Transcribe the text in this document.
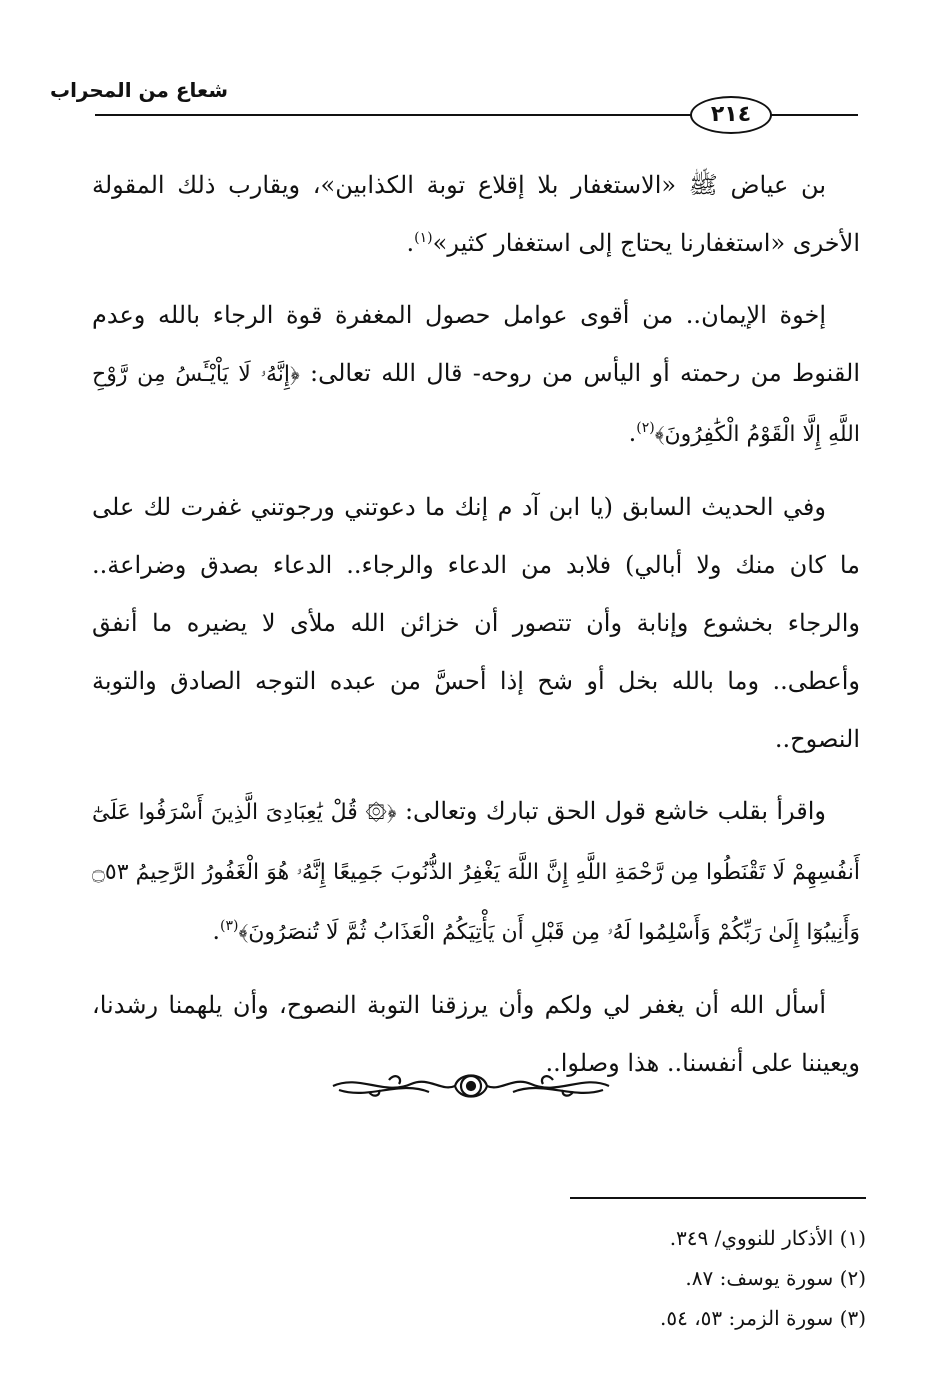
شعاع من المحراب
٢١٤

بن عياض ﷺ «الاستغفار بلا إقلاع توبة الكذابين»، ويقارب ذلك المقولة الأخرى «استغفارنا يحتاج إلى استغفار كثير»$^{(١)}$.

إخوة الإيمان.. من أقوى عوامل حصول المغفرة قوة الرجاء بالله وعدم القنوط من رحمته أو اليأس من روحه- قال الله تعالى: ﴿إِنَّهُۥ لَا يَاْيْـَٔسُ مِن رَّوْحِ اللَّهِ إِلَّا الْقَوْمُ الْكَٰفِرُونَ﴾$^{(٢)}$.

وفي الحديث السابق (يا ابن آد م إنك ما دعوتني ورجوتني غفرت لك على ما كان منك ولا أبالي) فلابد من الدعاء والرجاء.. الدعاء بصدق وضراعة.. والرجاء بخشوع وإنابة وأن تتصور أن خزائن الله ملأى لا يضيره ما أنفق وأعطى.. وما بالله بخل أو شح إذا أحسَّ من عبده التوجه الصادق والتوبة النصوح..

واقرأ بقلب خاشع قول الحق تبارك وتعالى: ﴿۞ قُلْ يَٰعِبَادِىَ الَّذِينَ أَسْرَفُوا عَلَىٰٓ أَنفُسِهِمْ لَا تَقْنَطُوا مِن رَّحْمَةِ اللَّهِ إِنَّ اللَّهَ يَغْفِرُ الذُّنُوبَ جَمِيعًا إِنَّهُۥ هُوَ الْغَفُورُ الرَّحِيمُ ۝٥٣ وَأَنِيبُوٓا إِلَىٰ رَبِّكُمْ وَأَسْلِمُوا لَهُۥ مِن قَبْلِ أَن يَأْتِيَكُمُ الْعَذَابُ ثُمَّ لَا تُنصَرُونَ﴾$^{(٣)}$.

أسأل الله أن يغفر لي ولكم وأن يرزقنا التوبة النصوح، وأن يلهمنا رشدنا، ويعيننا على أنفسنا.. هذا وصلوا..

(١) الأذكار للنووي/ ٣٤٩.
(٢) سورة يوسف: ٨٧.
(٣) سورة الزمر: ٥٣، ٥٤.
